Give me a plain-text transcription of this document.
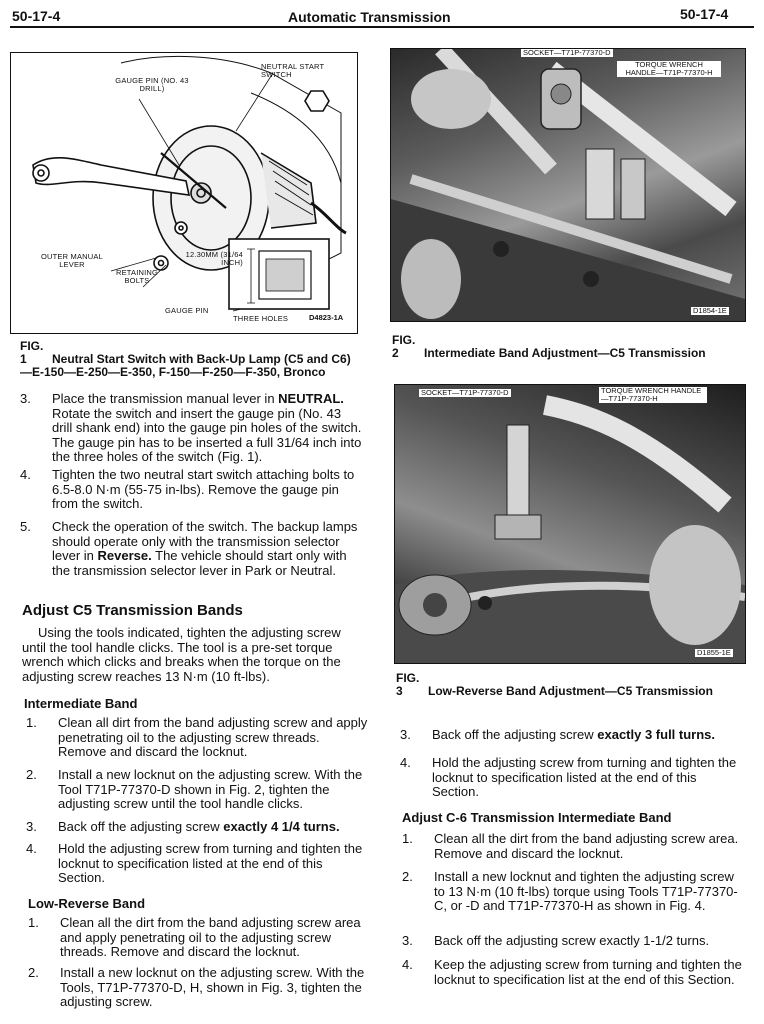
50-17-4	Automatic Transmission	50-17-4
NEUTRAL START SWITCH
GAUGE PIN (NO. 43 DRILL)
OUTER MANUAL LEVER
RETAINING BOLTS
12.30MM (31/64 INCH)
GAUGE PIN
THREE HOLES	D4823-1A
FIG. 1 Neutral Start Switch with Back-Up Lamp (C5 and C6)—E-150—E-250—E-350, F-150—F-250—F-350, Bronco
SOCKET—T71P-77370-D
TORQUE WRENCH HANDLE—T71P-77370-H
D1854-1E
FIG. 2 Intermediate Band Adjustment—C5 Transmission
SOCKET—T71P-77370-D	TORQUE WRENCH HANDLE—T71P-77370-H
D1855-1E
FIG. 3 Low-Reverse Band Adjustment—C5 Transmission
3. Place the transmission manual lever in NEUTRAL. Rotate the switch and insert the gauge pin (No. 43 drill shank end) into the gauge pin holes of the switch. The gauge pin has to be inserted a full 31/64 inch into the three holes of the switch (Fig. 1).
4. Tighten the two neutral start switch attaching bolts to 6.5-8.0 N·m (55-75 in-lbs). Remove the gauge pin from the switch.
5. Check the operation of the switch. The backup lamps should operate only with the transmission selector lever in Reverse. The vehicle should start only with the transmission selector lever in Park or Neutral.
Adjust C5 Transmission Bands
Using the tools indicated, tighten the adjusting screw until the tool handle clicks. The tool is a pre-set torque wrench which clicks and breaks when the torque on the adjusting screw reaches 13 N·m (10 ft-lbs).
Intermediate Band
1. Clean all dirt from the band adjusting screw and apply penetrating oil to the adjusting screw threads. Remove and discard the locknut.
2. Install a new locknut on the adjusting screw. With the Tool T71P-77370-D shown in Fig. 2, tighten the adjusting screw until the tool handle clicks.
3. Back off the adjusting screw exactly 4 1/4 turns.
4. Hold the adjusting screw from turning and tighten the locknut to specification listed at the end of this Section.
Low-Reverse Band
1. Clean all the dirt from the band adjusting screw area and apply penetrating oil to the adjusting screw threads. Remove and discard the locknut.
2. Install a new locknut on the adjusting screw. With the Tools, T71P-77370-D, H, shown in Fig. 3, tighten the adjusting screw.
3. Back off the adjusting screw exactly 3 full turns.
4. Hold the adjusting screw from turning and tighten the locknut to specification listed at the end of this Section.
Adjust C-6 Transmission Intermediate Band
1. Clean all the dirt from the band adjusting screw area. Remove and discard the locknut.
2. Install a new locknut and tighten the adjusting screw to 13 N·m (10 ft-lbs) torque using Tools T71P-77370-C, or -D and T71P-77370-H as shown in Fig. 4.
3. Back off the adjusting screw exactly 1-1/2 turns.
4. Keep the adjusting screw from turning and tighten the locknut to specification list at the end of this Section.
